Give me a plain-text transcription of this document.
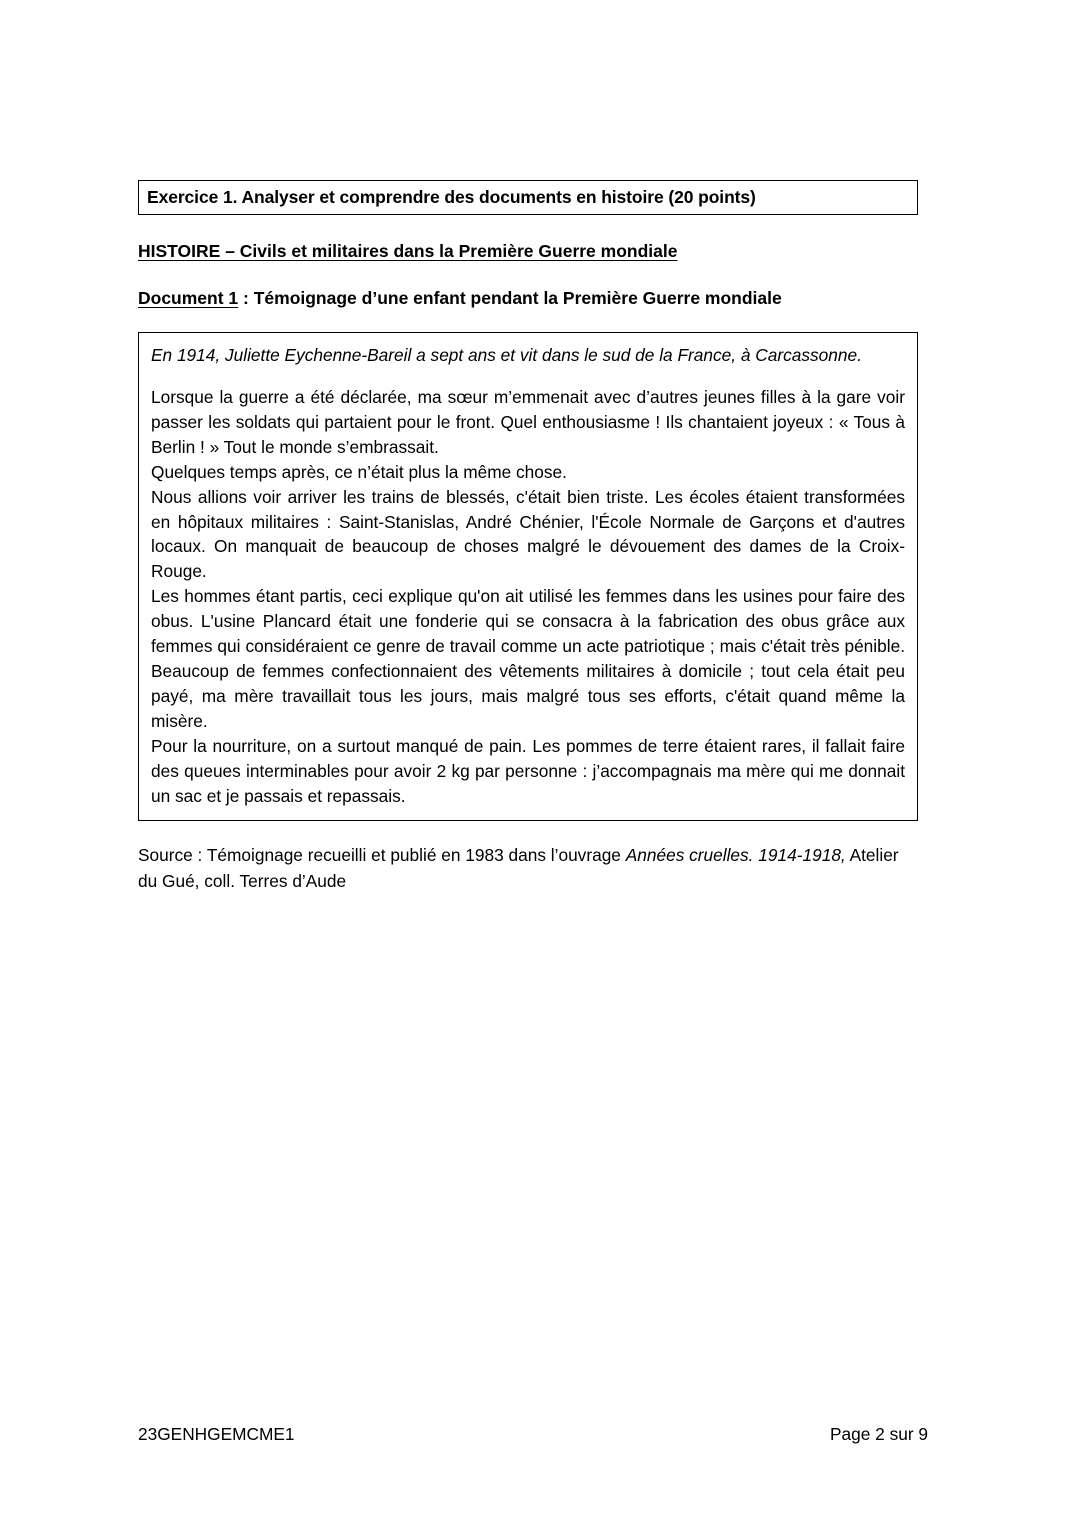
Exercice 1. Analyser et comprendre des documents en histoire (20 points)
HISTOIRE – Civils et militaires dans la Première Guerre mondiale
Document 1 : Témoignage d’une enfant pendant la Première Guerre mondiale

En 1914, Juliette Eychenne-Bareil a sept ans et vit dans le sud de la France, à Carcassonne.

Lorsque la guerre a été déclarée, ma sœur m’emmenait avec d’autres jeunes filles à la gare voir passer les soldats qui partaient pour le front. Quel enthousiasme ! Ils chantaient joyeux : « Tous à Berlin ! » Tout le monde s’embrassait.

Quelques temps après, ce n’était plus la même chose.

Nous allions voir arriver les trains de blessés, c'était bien triste. Les écoles étaient transformées en hôpitaux militaires : Saint-Stanislas, André Chénier, l'École Normale de Garçons et d'autres locaux. On manquait de beaucoup de choses malgré le dévouement des dames de la Croix-Rouge.

Les hommes étant partis, ceci explique qu'on ait utilisé les femmes dans les usines pour faire des obus. L'usine Plancard était une fonderie qui se consacra à la fabrication des obus grâce aux femmes qui considéraient ce genre de travail comme un acte patriotique ; mais c'était très pénible. Beaucoup de femmes confectionnaient des vêtements militaires à domicile ; tout cela était peu payé, ma mère travaillait tous les jours, mais malgré tous ses efforts, c'était quand même la misère.

Pour la nourriture, on a surtout manqué de pain. Les pommes de terre étaient rares, il fallait faire des queues interminables pour avoir 2 kg par personne : j’accompagnais ma mère qui me donnait un sac et je passais et repassais.

Source : Témoignage recueilli et publié en 1983 dans l’ouvrage Années cruelles. 1914-1918, Atelier du Gué, coll. Terres d’Aude
23GENHGEMCME1	Page 2 sur 9
